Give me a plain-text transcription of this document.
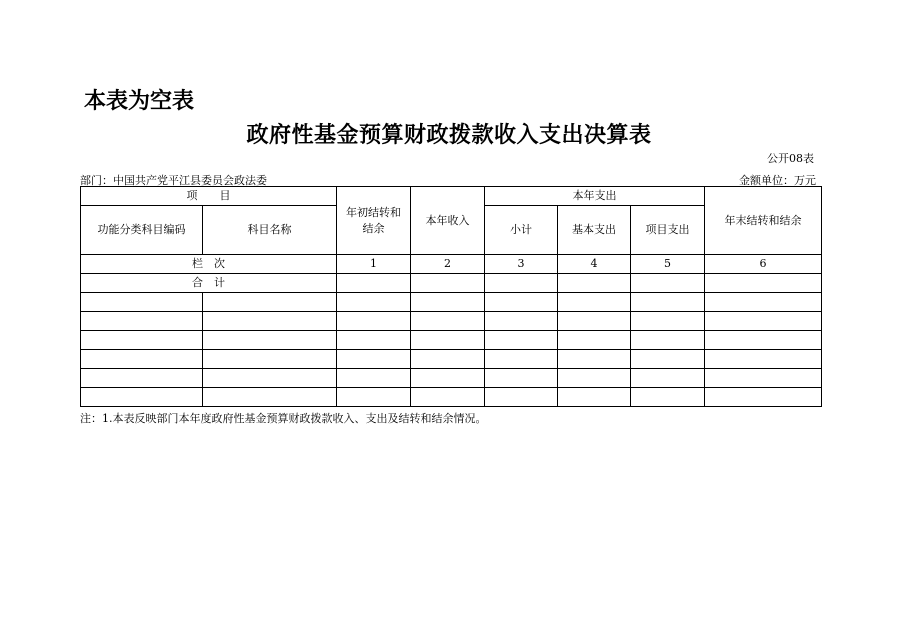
本表为空表
政府性基金预算财政拨款收入支出决算表
公开08表
部门：中国共产党平江县委员会政法委	金额单位：万元
项　　目		年初结转和结余	本年收入	本年支出			年末结转和结余
功能分类科目编码	科目名称			小计	基本支出	项目支出	
栏　次		1	2	3	4	5	6
合　计							

注：1.本表反映部门本年度政府性基金预算财政拨款收入、支出及结转和结余情况。
